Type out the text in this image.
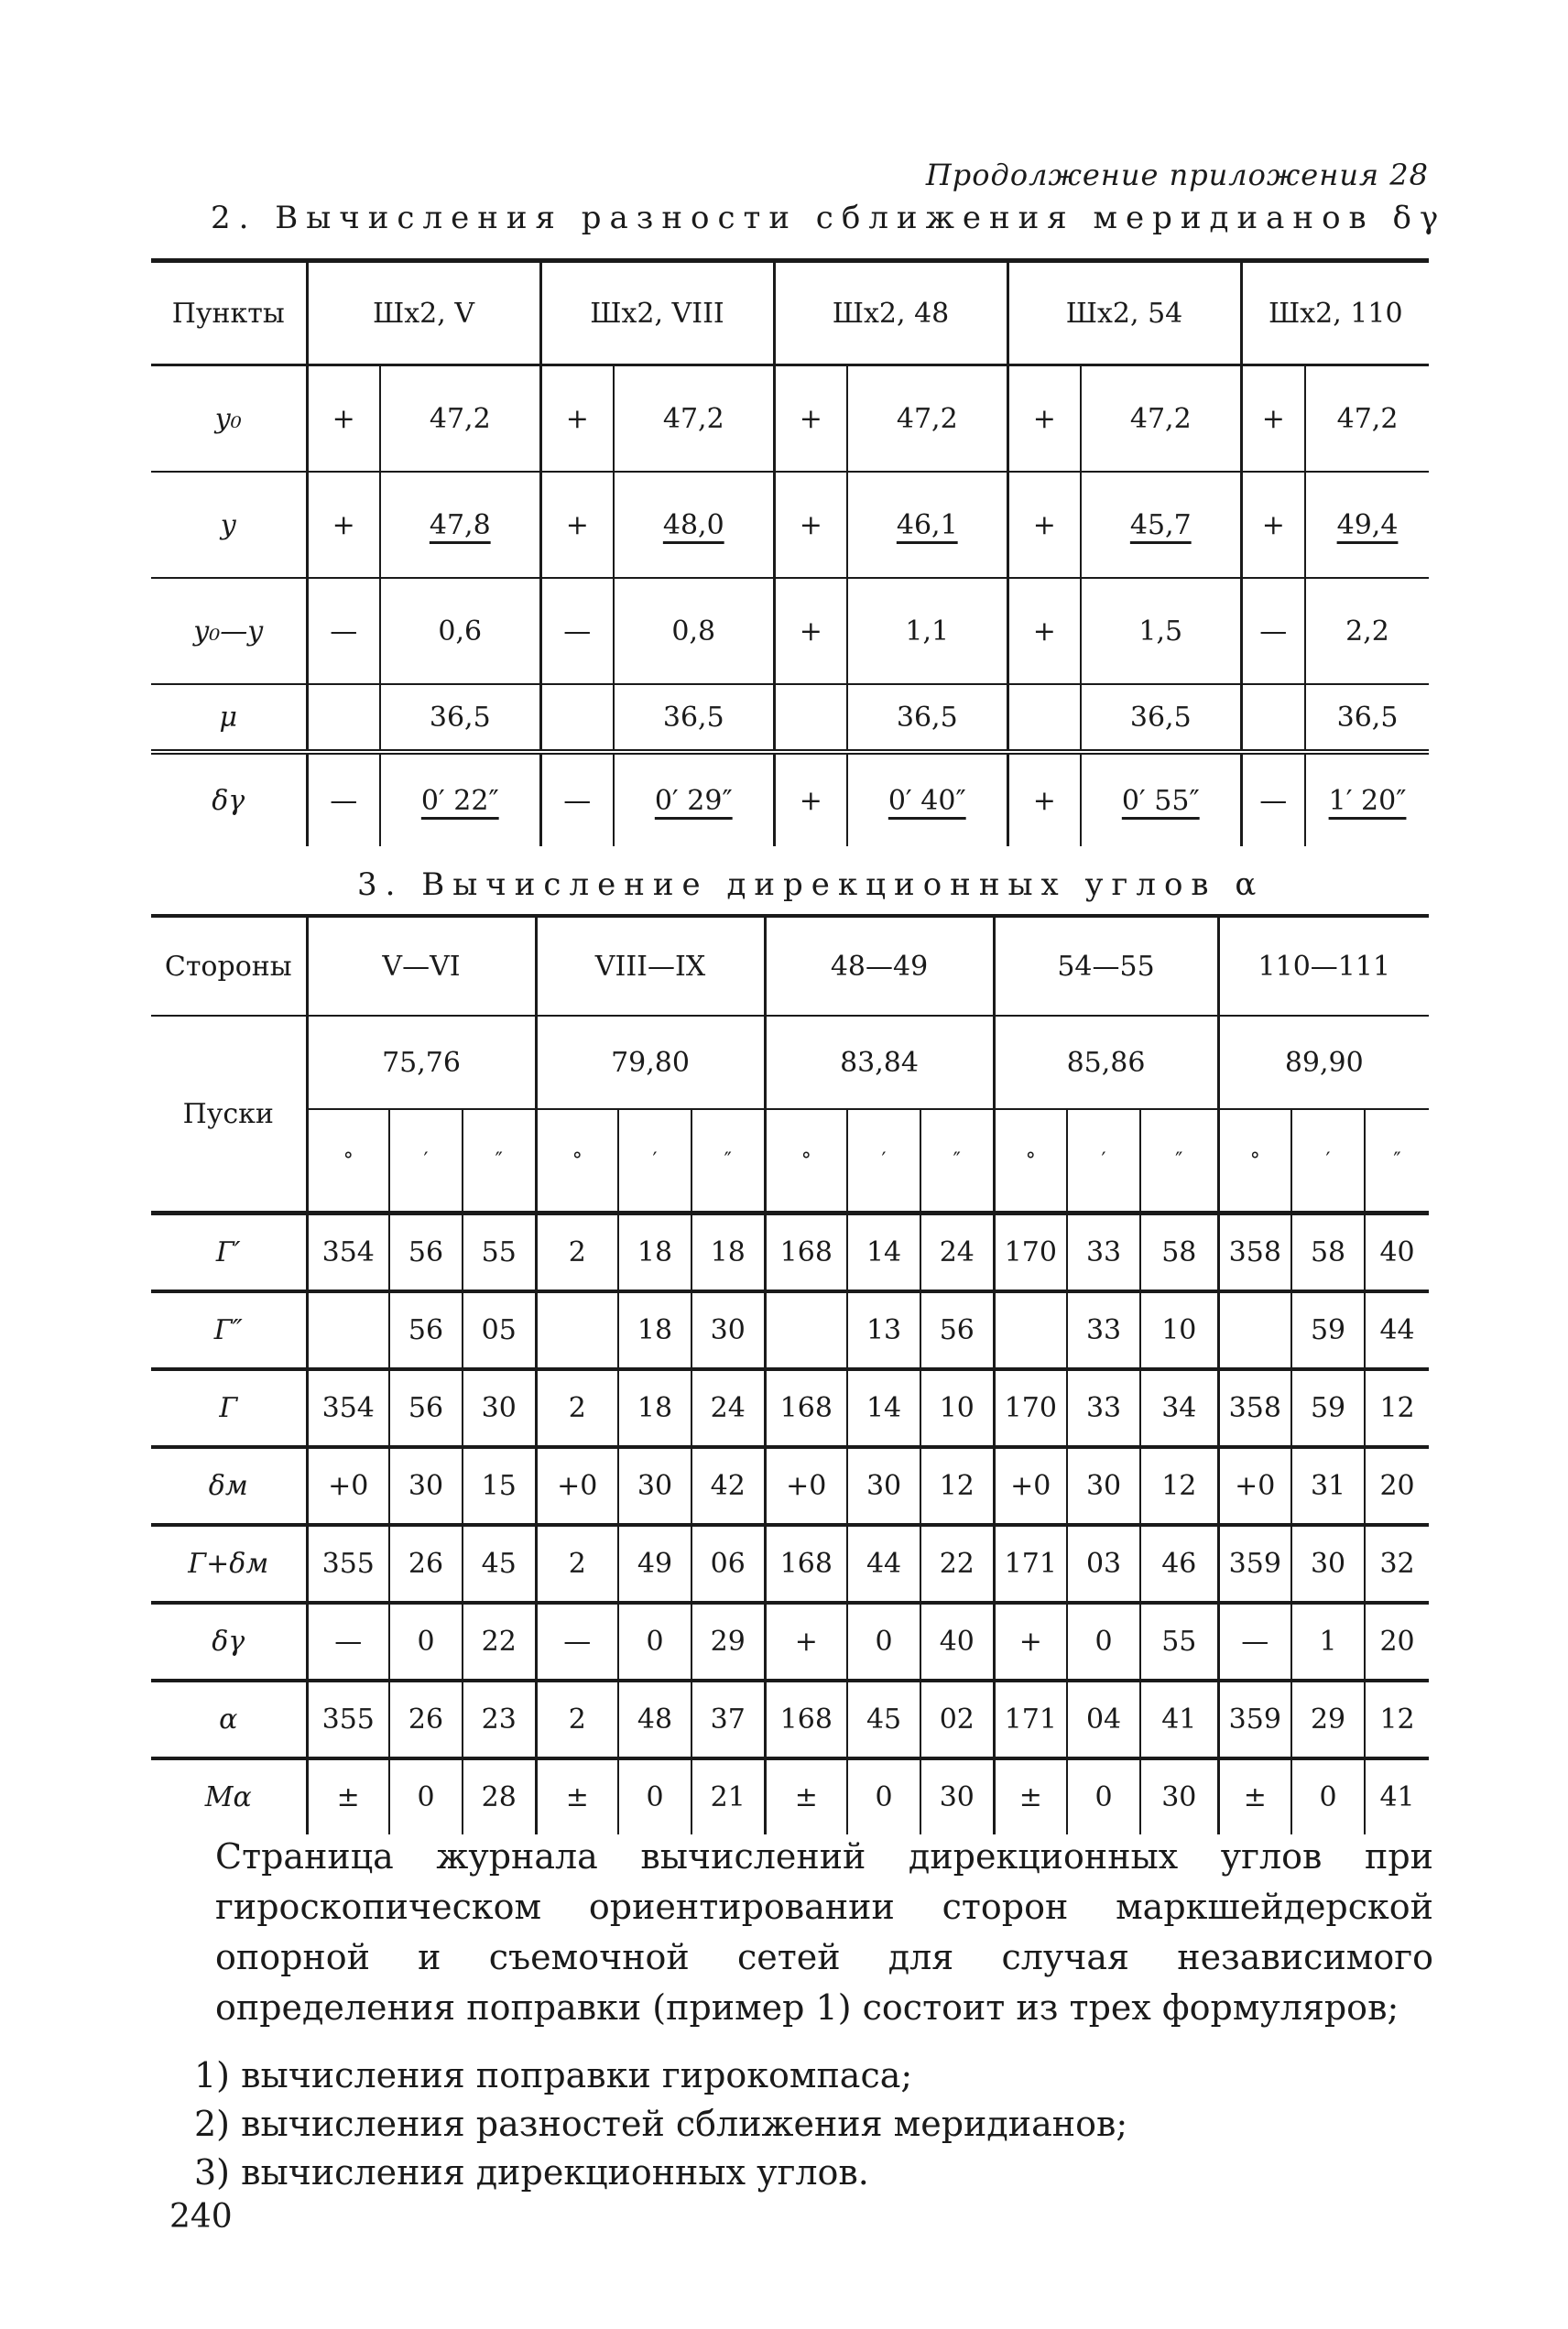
Продолжение приложения 28
2. Вычисления разности сближения меридианов δγ
Пункты	Шх2, V		Шх2, VIII		Шх2, 48		Шх2, 54		Шх2, 110	
y₀	+	47,2	+	47,2	+	47,2	+	47,2	+	47,2
y	+	47,8	+	48,0	+	46,1	+	45,7	+	49,4
y₀—y	—	0,6	—	0,8	+	1,1	+	1,5	—	2,2
μ		36,5		36,5		36,5		36,5		36,5
δγ	—	0′ 22″	—	0′ 29″	+	0′ 40″	+	0′ 55″	—	1′ 20″
3. Вычисление дирекционных углов α
Стороны	V—VI			VIII—IX			48—49			54—55			110—111		
Пуски	75,76			79,80			83,84			85,86			89,90		
	°	′	″	°	′	″	°	′	″	°	′	″	°	′	″
Г′	354	56	55	2	18	18	168	14	24	170	33	58	358	58	40
Г″		56	05		18	30		13	56		33	10		59	44
Г	354	56	30	2	18	24	168	14	10	170	33	34	358	59	12
δм	+0	30	15	+0	30	42	+0	30	12	+0	30	12	+0	31	20
Г+δм	355	26	45	2	49	06	168	44	22	171	03	46	359	30	32
δγ	—	0	22	—	0	29	+	0	40	+	0	55	—	1	20
α	355	26	23	2	48	37	168	45	02	171	04	41	359	29	12
Mα	±	0	28	±	0	21	±	0	30	±	0	30	±	0	41
Страница журнала вычислений дирекционных углов при гироскопическом ориентировании сторон маркшейдерской опорной и съемочной сетей для случая независимого определения поправки (пример 1) состоит из трех формуляров;
1) вычисления поправки гирокомпаса;
2) вычисления разностей сближения меридианов;
3) вычисления дирекционных углов.
240
